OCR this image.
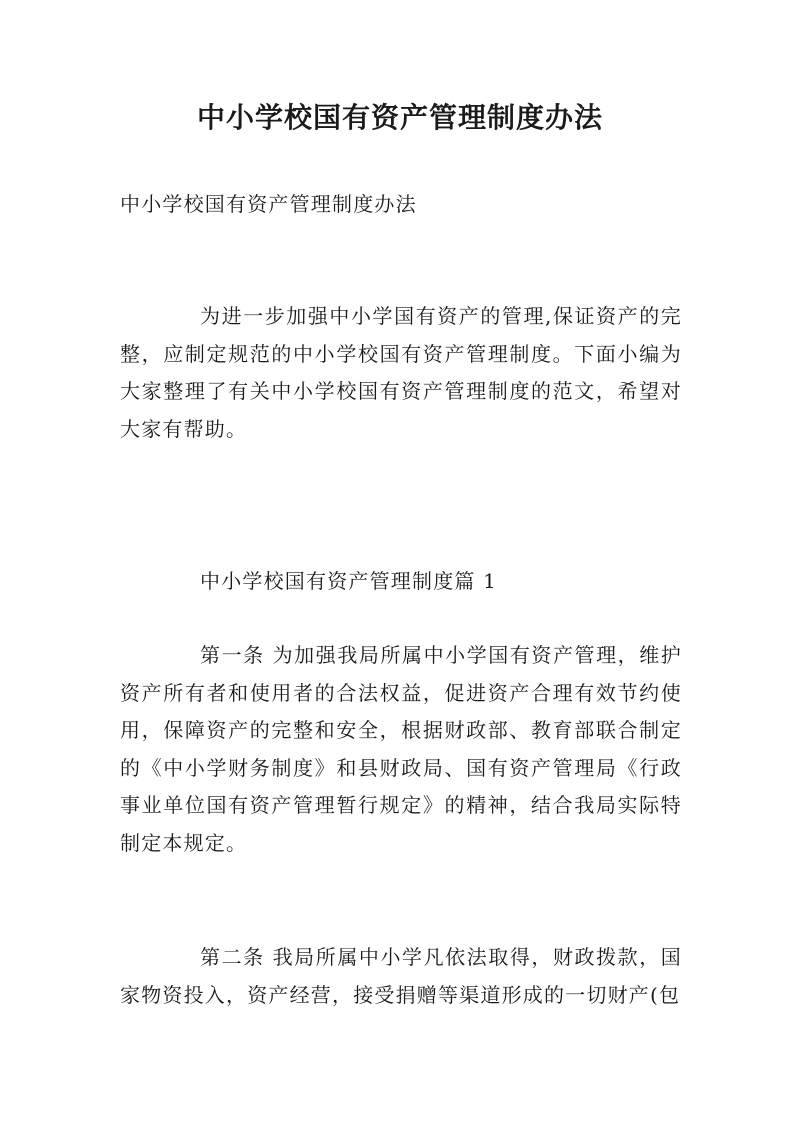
中小学校国有资产管理制度办法

中小学校国有资产管理制度办法

为进一步加强中小学国有资产的管理,保证资产的完整，应制定规范的中小学校国有资产管理制度。下面小编为大家整理了有关中小学校国有资产管理制度的范文，希望对大家有帮助。

中小学校国有资产管理制度篇 1

第一条 为加强我局所属中小学国有资产管理，维护资产所有者和使用者的合法权益，促进资产合理有效节约使用，保障资产的完整和安全，根据财政部、教育部联合制定的《中小学财务制度》和县财政局、国有资产管理局《行政事业单位国有资产管理暂行规定》的精神，结合我局实际特制定本规定。

第二条 我局所属中小学凡依法取得，财政拨款，国家物资投入，资产经营，接受捐赠等渠道形成的一切财产(包
